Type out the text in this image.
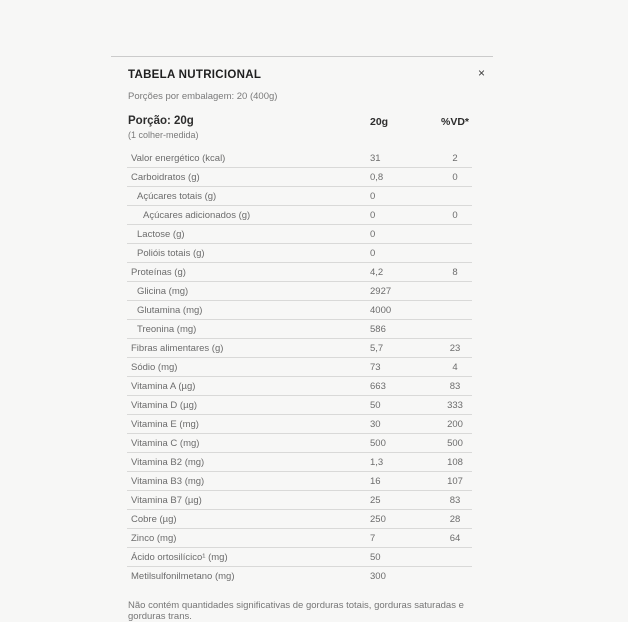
TABELA NUTRICIONAL	×
Porções por embalagem: 20 (400g)
Porção: 20g
(1 colher-medida)
20g	%VD*
Valor energético (kcal)	31	2
Carboidratos (g)	0,8	0
Açúcares totais (g)	0
Açúcares adicionados (g)	0	0
Lactose (g)	0
Polióis totais (g)	0
Proteínas (g)	4,2	8
Glicina (mg)	2927
Glutamina (mg)	4000
Treonina (mg)	586
Fibras alimentares (g)	5,7	23
Sódio (mg)	73	4
Vitamina A (µg)	663	83
Vitamina D (µg)	50	333
Vitamina E (mg)	30	200
Vitamina C (mg)	500	500
Vitamina B2 (mg)	1,3	108
Vitamina B3 (mg)	16	107
Vitamina B7 (µg)	25	83
Cobre (µg)	250	28
Zinco (mg)	7	64
Ácido ortosilícico¹ (mg)	50
Metilsulfonilmetano (mg)	300
Não contém quantidades significativas de gorduras totais, gorduras saturadas e gorduras trans.
